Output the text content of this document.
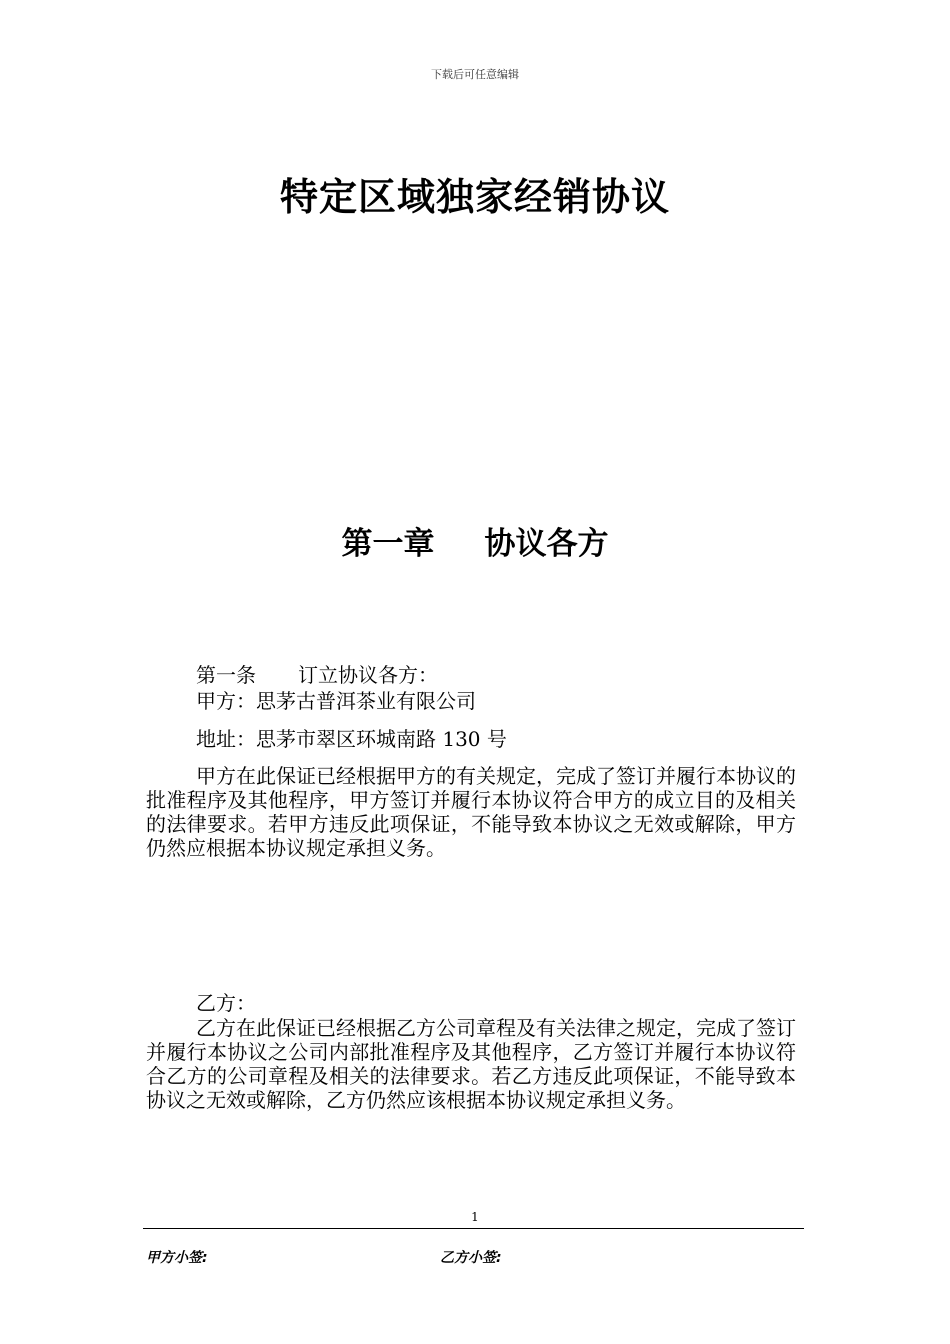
下载后可任意编辑
特定区域独家经销协议
第一章 协议各方
第一条 订立协议各方：
甲方：思茅古普洱茶业有限公司
地址：思茅市翠区环城南路 130 号

甲方在此保证已经根据甲方的有关规定，完成了签订并履行本协议的批准程序及其他程序，甲方签订并履行本协议符合甲方的成立目的及相关的法律要求。若甲方违反此项保证，不能导致本协议之无效或解除，甲方仍然应根据本协议规定承担义务。

乙方：

乙方在此保证已经根据乙方公司章程及有关法律之规定，完成了签订并履行本协议之公司内部批准程序及其他程序，乙方签订并履行本协议符合乙方的公司章程及相关的法律要求。若乙方违反此项保证，不能导致本协议之无效或解除，乙方仍然应该根据本协议规定承担义务。

1
甲方小签:	乙方小签:
